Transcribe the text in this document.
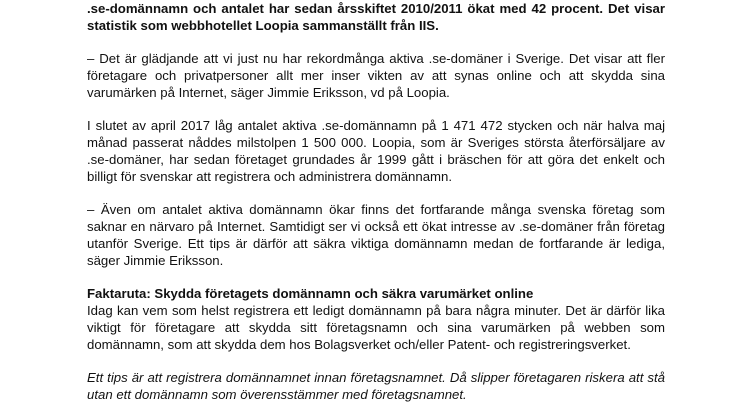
.se-domännamn och antalet har sedan årsskiftet 2010/2011 ökat med 42 procent. Det visar statistik som webbhotellet Loopia sammanställt från IIS.

– Det är glädjande att vi just nu har rekordmånga aktiva .se-domäner i Sverige. Det visar att fler företagare och privatpersoner allt mer inser vikten av att synas online och att skydda sina varumärken på Internet, säger Jimmie Eriksson, vd på Loopia.

I slutet av april 2017 låg antalet aktiva .se-domännamn på 1 471 472 stycken och när halva maj månad passerat nåddes milstolpen 1 500 000. Loopia, som är Sveriges största återförsäljare av .se-domäner, har sedan företaget grundades år 1999 gått i bräschen för att göra det enkelt och billigt för svenskar att registrera och administrera domännamn.

– Även om antalet aktiva domännamn ökar finns det fortfarande många svenska företag som saknar en närvaro på Internet. Samtidigt ser vi också ett ökat intresse av .se-domäner från företag utanför Sverige. Ett tips är därför att säkra viktiga domännamn medan de fortfarande är lediga, säger Jimmie Eriksson.

Faktaruta: Skydda företagets domännamn och säkra varumärket online
Idag kan vem som helst registrera ett ledigt domännamn på bara några minuter. Det är därför lika viktigt för företagare att skydda sitt företagsnamn och sina varumärken på webben som domännamn, som att skydda dem hos Bolagsverket och/eller Patent- och registreringsverket.

Ett tips är att registrera domännamnet innan företagsnamnet. Då slipper företagaren riskera att stå utan ett domännamn som överensstämmer med företagsnamnet.
